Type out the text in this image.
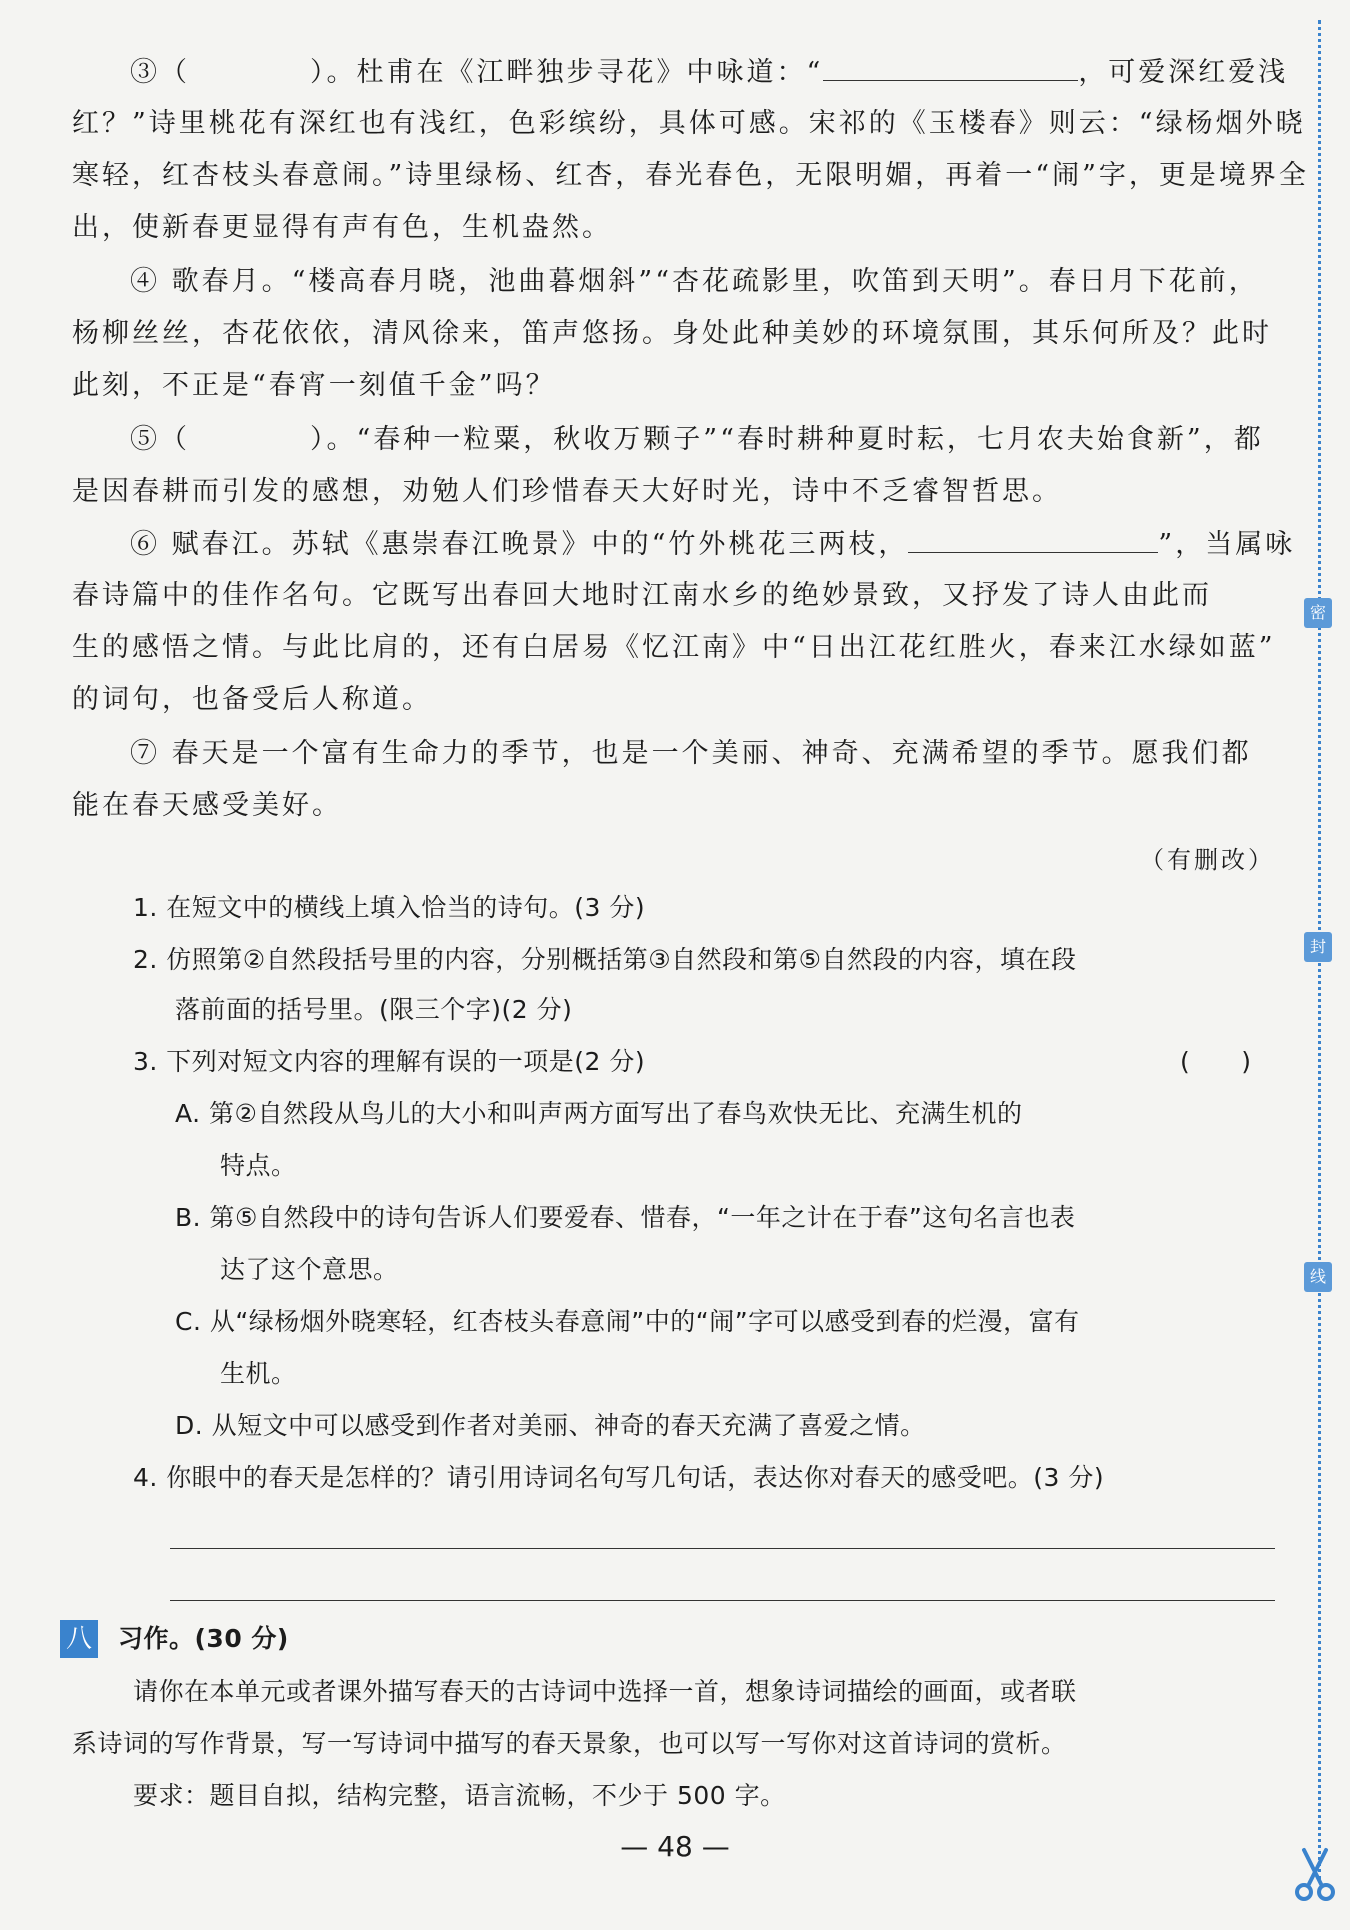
③（　　　　）。杜甫在《江畔独步寻花》中咏道：“	，可爱深红爱浅
红？”诗里桃花有深红也有浅红，色彩缤纷，具体可感。宋祁的《玉楼春》则云：“绿杨烟外晓
寒轻，红杏枝头春意闹。”诗里绿杨、红杏，春光春色，无限明媚，再着一“闹”字，更是境界全
出，使新春更显得有声有色，生机盎然。
④ 歌春月。“楼高春月晓，池曲暮烟斜”“杏花疏影里，吹笛到天明”。春日月下花前，
杨柳丝丝，杏花依依，清风徐来，笛声悠扬。身处此种美妙的环境氛围，其乐何所及？此时
此刻，不正是“春宵一刻值千金”吗？
⑤（　　　　）。“春种一粒粟，秋收万颗子”“春时耕种夏时耘，七月农夫始食新”，都
是因春耕而引发的感想，劝勉人们珍惜春天大好时光，诗中不乏睿智哲思。
⑥ 赋春江。苏轼《惠崇春江晚景》中的“竹外桃花三两枝，	”，当属咏
春诗篇中的佳作名句。它既写出春回大地时江南水乡的绝妙景致，又抒发了诗人由此而
生的感悟之情。与此比肩的，还有白居易《忆江南》中“日出江花红胜火，春来江水绿如蓝”
的词句，也备受后人称道。
⑦ 春天是一个富有生命力的季节，也是一个美丽、神奇、充满希望的季节。愿我们都
能在春天感受美好。
（有删改）
1. 在短文中的横线上填入恰当的诗句。(3 分)
2. 仿照第②自然段括号里的内容，分别概括第③自然段和第⑤自然段的内容，填在段
落前面的括号里。(限三个字)(2 分)
3. 下列对短文内容的理解有误的一项是(2 分)	(　　)
A. 第②自然段从鸟儿的大小和叫声两方面写出了春鸟欢快无比、充满生机的
特点。
B. 第⑤自然段中的诗句告诉人们要爱春、惜春，“一年之计在于春”这句名言也表
达了这个意思。
C. 从“绿杨烟外晓寒轻，红杏枝头春意闹”中的“闹”字可以感受到春的烂漫，富有
生机。
D. 从短文中可以感受到作者对美丽、神奇的春天充满了喜爱之情。
4. 你眼中的春天是怎样的？请引用诗词名句写几句话，表达你对春天的感受吧。(3 分)
八 习作。(30 分)
请你在本单元或者课外描写春天的古诗词中选择一首，想象诗词描绘的画面，或者联
系诗词的写作背景，写一写诗词中描写的春天景象，也可以写一写你对这首诗词的赏析。
要求：题目自拟，结构完整，语言流畅，不少于 500 字。
— 48 —
密
封
线
